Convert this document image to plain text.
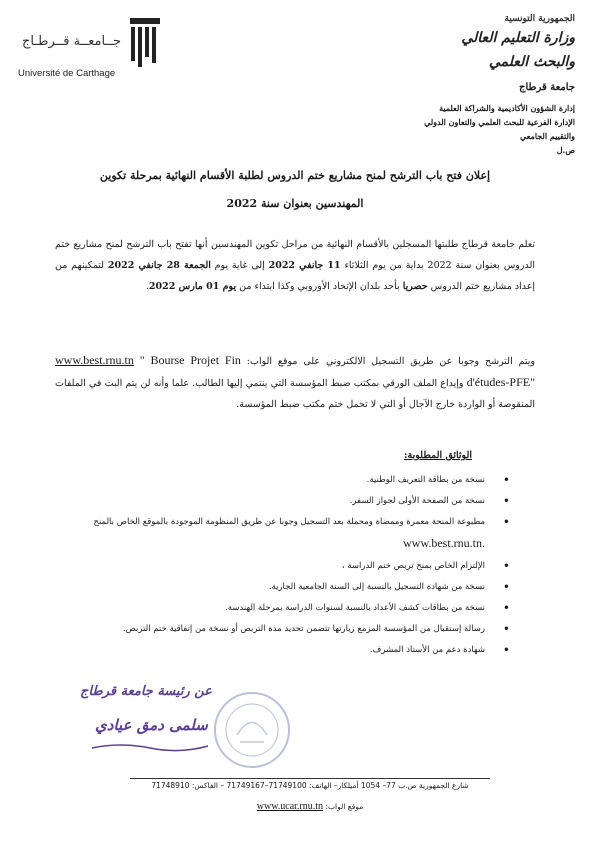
جــامعــة قــرطـاج
Université de Carthage
الجمهورية التونسية
وزارة التعليم العالي
والبحث العلمي
جامعة قرطاج
إدارة الشؤون الأكاديمية والشراكة العلمية
الإدارة الفرعية للبحث العلمي والتعاون الدولي
والتقييم الجامعي
ص.ل
إعلان فتح باب الترشح لمنح مشاريع ختم الدروس لطلبة الأقسام النهائية بمرحلة تكوين
المهندسين بعنوان سنة 2022
تعلم جامعة قرطاج طلبتها المسجلين بالأقسام النهائية من مراحل تكوين المهندسين أنها تفتح باب الترشح لمنح مشاريع ختم الدروس بعنوان سنة 2022 بداية من يوم الثلاثاء 11 جانفي 2022 إلى غاية يوم الجمعة 28 جانفي 2022 لتمكينهم من إعداد مشاريع ختم الدروس حصريا بأحد بلدان الإتحاد الأوروبي وكذا ابتداء من يوم 01 مارس 2022.
ويتم الترشح وجوبا عن طريق التسجيل الالكتروني على موقع الواب: www.best.rnu.tn " Bourse Projet Fin d'études-PFE" وإيداع الملف الورقي بمكتب ضبط المؤسسة التي ينتمي إليها الطالب. علما وأنه لن يتم البت في الملفات المنقوصة أو الواردة خارج الآجال أو التي لا تحمل ختم مكتب ضبط المؤسسة.
الوثائق المطلوبة:
• نسخة من بطاقة التعريف الوطنية.
• نسخة من الصفحة الأولى لجواز السفر.
• مطبوعة المنحة معمرة وممضاة ومحملة بعد التسجيل وجوبا عن طريق المنظومة الموجودة بالموقع الخاص بالمنح www.best.rnu.tn.
• الإلتزام الخاص بمنح تربص ختم الدراسة ،
• نسخة من شهادة التسجيل بالنسبة إلى السنة الجامعية الجارية.
• نسخة من بطاقات كشف الأعداد بالنسبة لسنوات الدراسة بمرحلة الهندسة.
• رسالة إستقبال من المؤسسة المزمع زيارتها تتضمن تحديد مدة التربص أو نسخة من إتفاقية ختم التربص.
• شهادة دعم من الأستاذ المشرف.
عن رئيسة جامعة قرطاج
سلمى دمق عيادي
شارع الجمهورية ص.ب 77– 1054 أميلكار– الهاتف: 71749100–71749167 – الفاكس: 71748910
موقع الواب: www.ucar.rnu.tn
